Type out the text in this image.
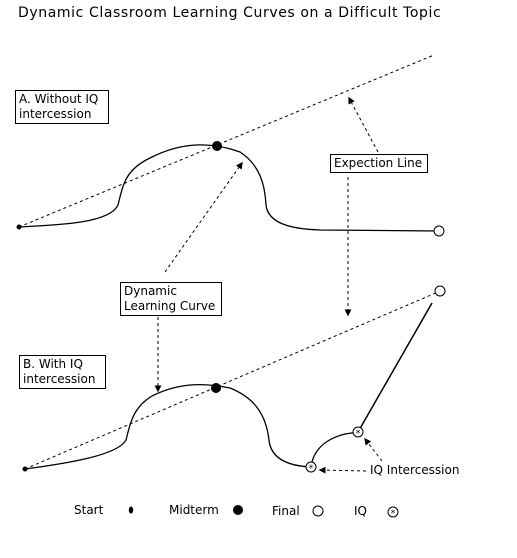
Dynamic Classroom Learning Curves on a Difficult Topic
*
*
*
A. Without IQ
intercession
B. With IQ
intercession
Expection Line
Dynamic
Learning Curve
IQ Intercession
Start	Midterm	Final	IQ
